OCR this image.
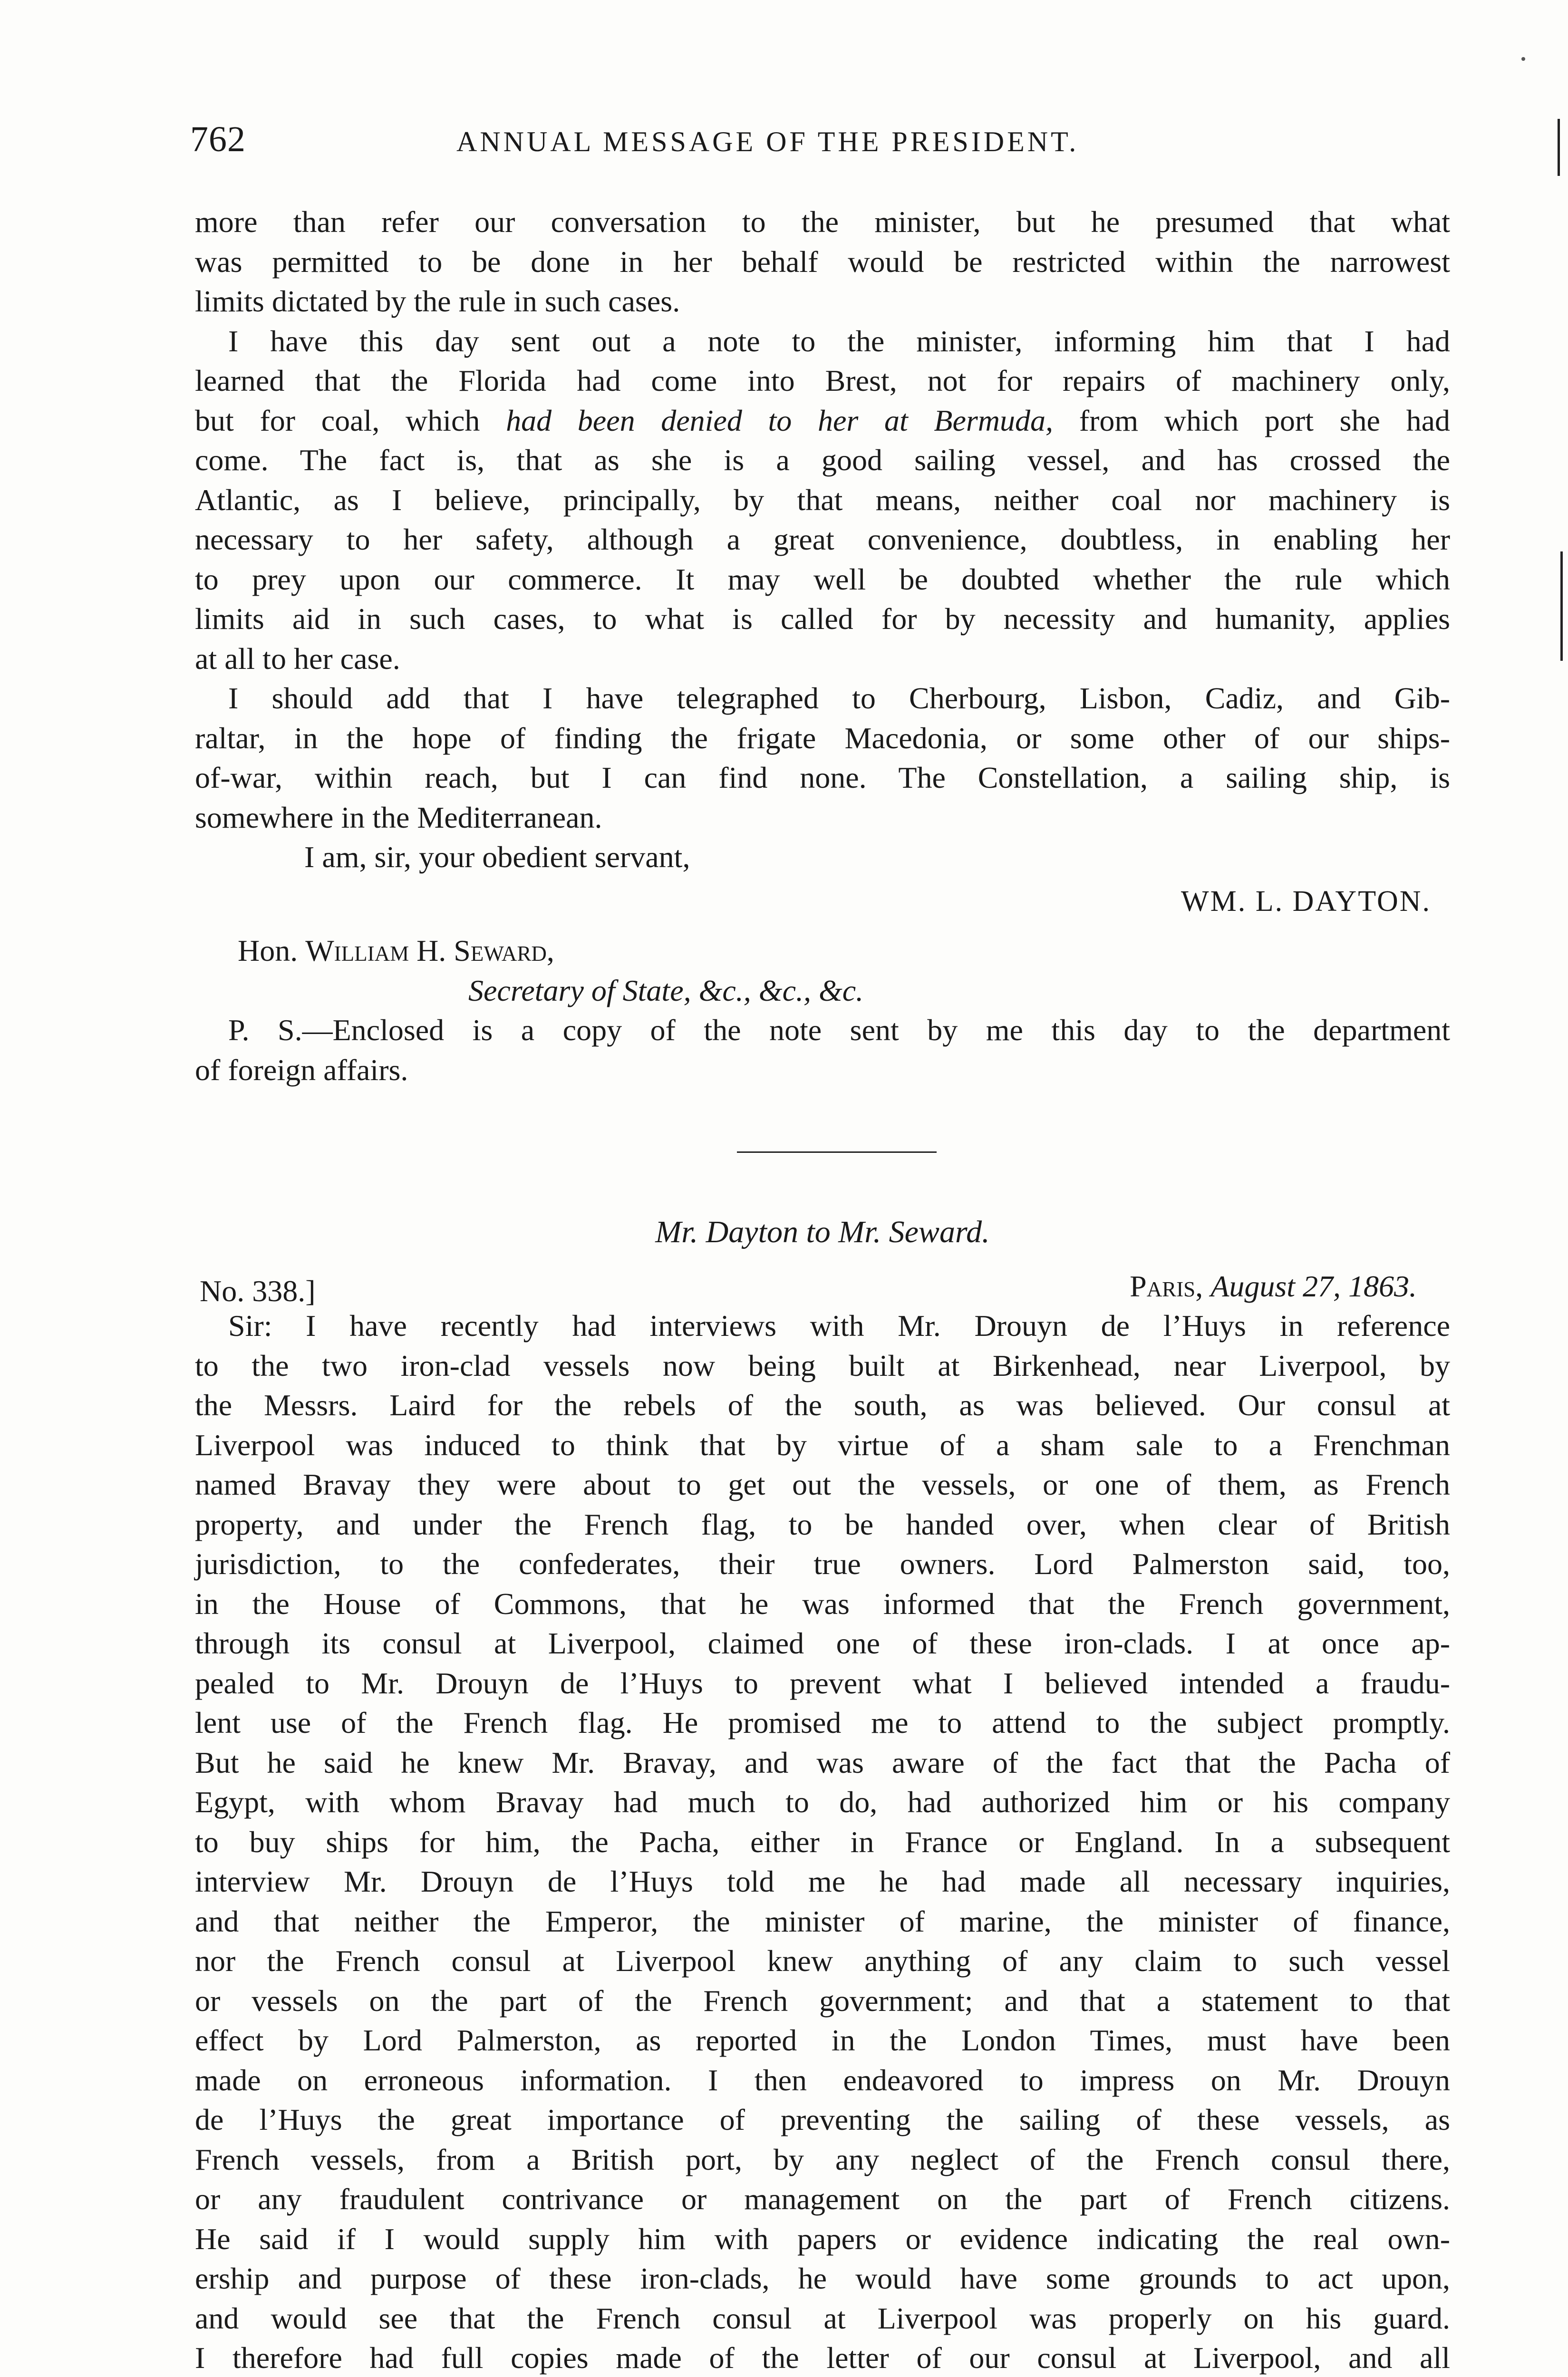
762	ANNUAL MESSAGE OF THE PRESIDENT.

more than refer our conversation to the minister, but he presumed that what
was permitted to be done in her behalf would be restricted within the narrowest
limits dictated by the rule in such cases.

I have this day sent out a note to the minister, informing him that I had
learned that the Florida had come into Brest, not for repairs of machinery only,
but for coal, which had been denied to her at Bermuda, from which port she had
come. The fact is, that as she is a good sailing vessel, and has crossed the
Atlantic, as I believe, principally, by that means, neither coal nor machinery is
necessary to her safety, although a great convenience, doubtless, in enabling her
to prey upon our commerce. It may well be doubted whether the rule which
limits aid in such cases, to what is called for by necessity and humanity, applies
at all to her case.

I should add that I have telegraphed to Cherbourg, Lisbon, Cadiz, and Gib-
raltar, in the hope of finding the frigate Macedonia, or some other of our ships-
of-war, within reach, but I can find none. The Constellation, a sailing ship, is
somewhere in the Mediterranean.

I am, sir, your obedient servant,

WM. L. DAYTON.
Hon. William H. Seward,
Secretary of State, &c., &c., &c.

P. S.—Enclosed is a copy of the note sent by me this day to the department
of foreign affairs.

Mr. Dayton to Mr. Seward.
No. 338.]	Paris, August 27, 1863.

Sir: I have recently had interviews with Mr. Drouyn de l’Huys in reference
to the two iron-clad vessels now being built at Birkenhead, near Liverpool, by
the Messrs. Laird for the rebels of the south, as was believed. Our consul at
Liverpool was induced to think that by virtue of a sham sale to a Frenchman
named Bravay they were about to get out the vessels, or one of them, as French
property, and under the French flag, to be handed over, when clear of British
jurisdiction, to the confederates, their true owners. Lord Palmerston said, too,
in the House of Commons, that he was informed that the French government,
through its consul at Liverpool, claimed one of these iron-clads. I at once ap-
pealed to Mr. Drouyn de l’Huys to prevent what I believed intended a fraudu-
lent use of the French flag. He promised me to attend to the subject promptly.
But he said he knew Mr. Bravay, and was aware of the fact that the Pacha of
Egypt, with whom Bravay had much to do, had authorized him or his company
to buy ships for him, the Pacha, either in France or England. In a subsequent
interview Mr. Drouyn de l’Huys told me he had made all necessary inquiries,
and that neither the Emperor, the minister of marine, the minister of finance,
nor the French consul at Liverpool knew anything of any claim to such vessel
or vessels on the part of the French government; and that a statement to that
effect by Lord Palmerston, as reported in the London Times, must have been
made on erroneous information. I then endeavored to impress on Mr. Drouyn
de l’Huys the great importance of preventing the sailing of these vessels, as
French vessels, from a British port, by any neglect of the French consul there,
or any fraudulent contrivance or management on the part of French citizens.
He said if I would supply him with papers or evidence indicating the real own-
ership and purpose of these iron-clads, he would have some grounds to act upon,
and would see that the French consul at Liverpool was properly on his guard.
I therefore had full copies made of the letter of our consul at Liverpool, and all
